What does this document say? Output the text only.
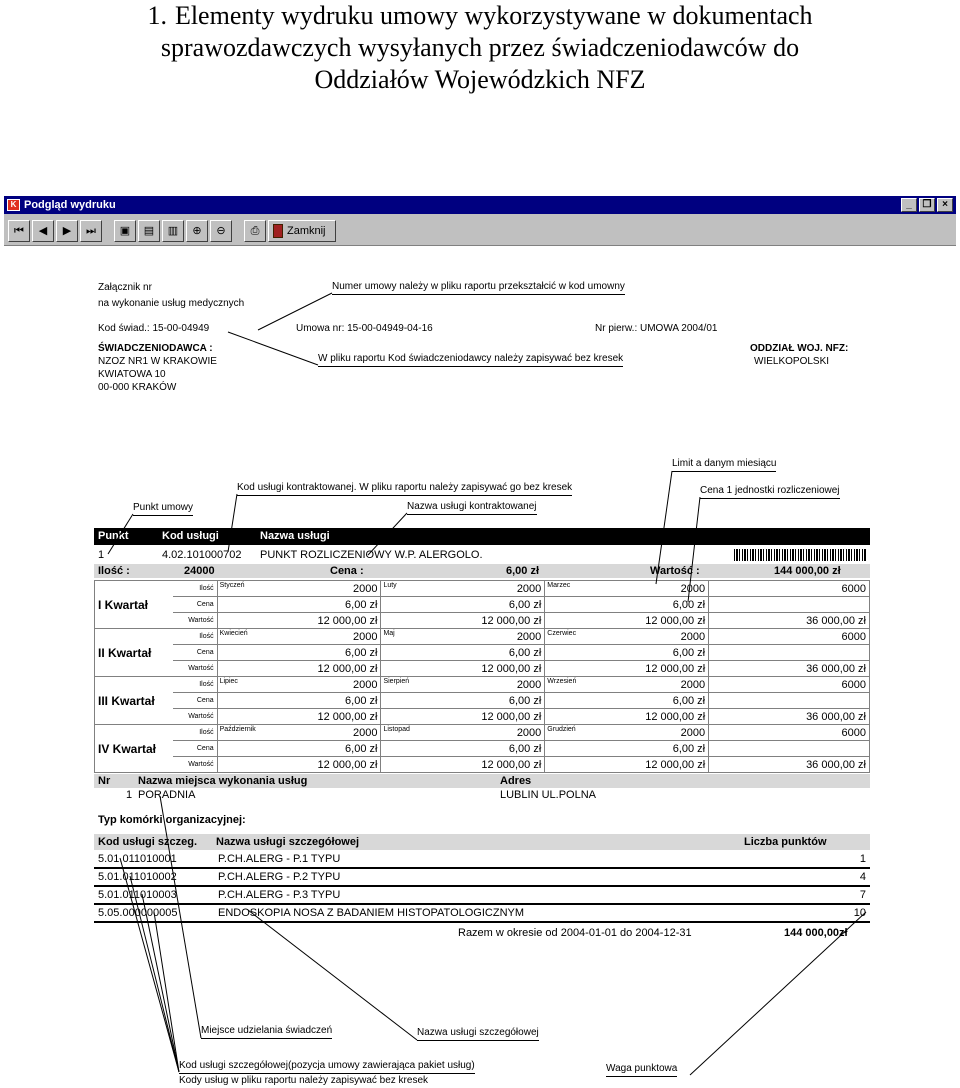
1. Elementy wydruku umowy wykorzystywane w dokumentach
sprawozdawczych wysyłanych przez świadczeniodawców do
Oddziałów Wojewódzkich NFZ
K Podgląd wydruku	_	❐	×
⏮	◀	▶	⏭	▣	▤	▥	⊕	⊖	⎙	Zamknij
Załącznik nr
na wykonanie usług medycznych
Kod świad.: 15-00-04949	Umowa nr: 15-00-04949-04-16	Nr pierw.: UMOWA 2004/01
ŚWIADCZENIODAWCA :
NZOZ NR1 W KRAKOWIE
KWIATOWA 10
00-000 KRAKÓW
ODDZIAŁ WOJ. NFZ:
WIELKOPOLSKI
Numer umowy należy w pliku raportu przekształcić w kod umowny
W pliku raportu Kod świadczeniodawcy należy zapisywać bez kresek
Limit a danym miesiącu
Cena 1 jednostki rozliczeniowej
Kod usługi kontraktowanej. W pliku raportu należy zapisywać go bez kresek
Punkt umowy	Nazwa usługi kontraktowanej
Miejsce udzielania świadczeń	Nazwa usługi szczegółowej
Kod usługi szczegółowej(pozycja umowy zawierająca pakiet usług)
Kody usług w pliku raportu należy zapisywać bez kresek
Waga punktowa
Punkt	Kod usługi	Nazwa usługi
1	4.02.101000702 PUNKT ROZLICZENIOWY W.P. ALERGOLO.
Ilość :	24000	Cena :	6,00 zł	Wartość :	144 000,00 zł
I Kwartał	Ilość	Styczeń 2000	Luty 2000	Marzec 2000	6000
	Cena	6,00 zł	6,00 zł	6,00 zł	
	Wartość	12 000,00 zł	12 000,00 zł	12 000,00 zł	36 000,00 zł
II Kwartał	Ilość	Kwiecień 2000	Maj 2000	Czerwiec 2000	6000
	Cena	6,00 zł	6,00 zł	6,00 zł	
	Wartość	12 000,00 zł	12 000,00 zł	12 000,00 zł	36 000,00 zł
III Kwartał	Ilość	Lipiec 2000	Sierpień 2000	Wrzesień 2000	6000
	Cena	6,00 zł	6,00 zł	6,00 zł	
	Wartość	12 000,00 zł	12 000,00 zł	12 000,00 zł	36 000,00 zł
IV Kwartał	Ilość	Październik 2000	Listopad 2000	Grudzień 2000	6000
	Cena	6,00 zł	6,00 zł	6,00 zł	
	Wartość	12 000,00 zł	12 000,00 zł	12 000,00 zł	36 000,00 zł
Nr	Nazwa miejsca wykonania usług	Adres
1 PORADNIA	LUBLIN UL.POLNA
Typ komórki organizacyjnej:
Kod usługi szczeg. Nazwa usługi szczegółowej	Liczba punktów
5.01.011010001	P.CH.ALERG - P.1 TYPU	1
5.01.011010002	P.CH.ALERG - P.2 TYPU	4
5.01.011010003	P.CH.ALERG - P.3 TYPU	7
5.05.000000005	ENDOSKOPIA NOSA Z BADANIEM HISTOPATOLOGICZNYM	10
Razem w okresie od 2004-01-01 do 2004-12-31	144 000,00zł
